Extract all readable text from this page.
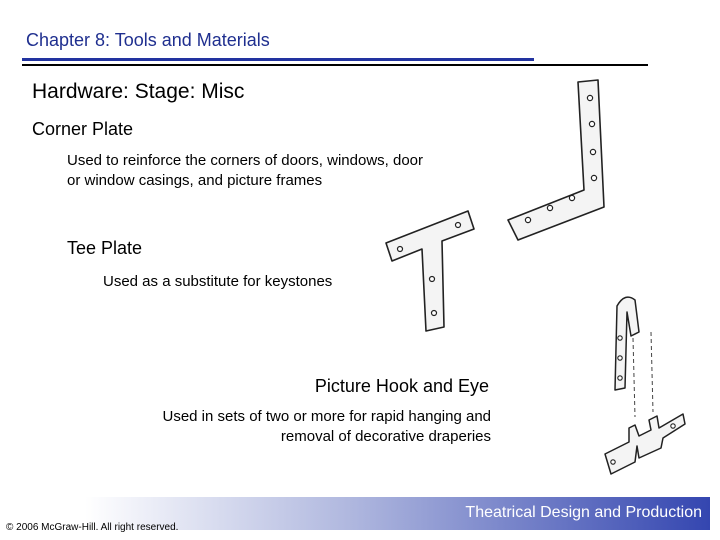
Chapter 8: Tools and Materials
Hardware: Stage: Misc
Corner Plate
Used to reinforce the corners of doors, windows, door
or window casings, and picture frames
Tee Plate
Used as a substitute for keystones
Picture Hook and Eye
Used in sets of two or more for rapid hanging and
removal of decorative draperies
Theatrical Design and Production
© 2006 McGraw-Hill. All right reserved.
